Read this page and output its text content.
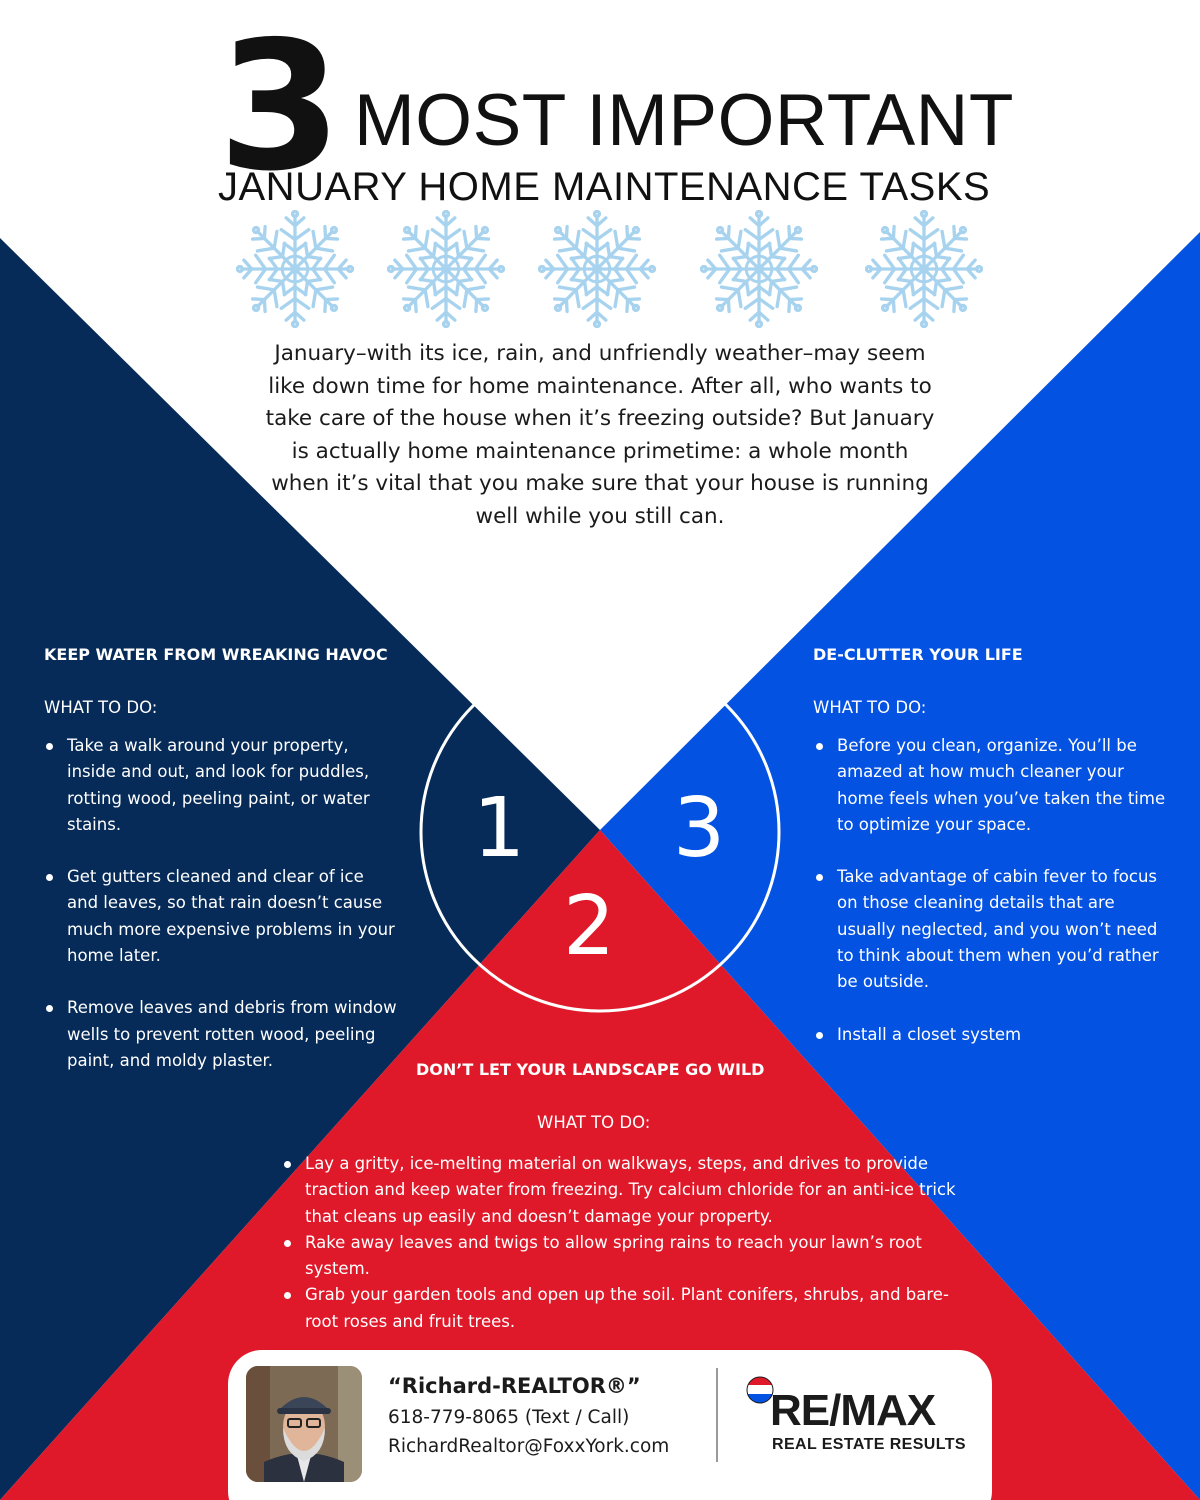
3 MOST IMPORTANT
JANUARY HOME MAINTENANCE TASKS

January–with its ice, rain, and unfriendly weather–may seem like down time for home maintenance. After all, who wants to take care of the house when it’s freezing outside? But January is actually home maintenance primetime: a whole month when it’s vital that you make sure that your house is running well while you still can.

KEEP WATER FROM WREAKING HAVOC
WHAT TO DO:
Take a walk around your property, inside and out, and look for puddles, rotting wood, peeling paint, or water stains.
Get gutters cleaned and clear of ice and leaves, so that rain doesn’t cause much more expensive problems in your home later.
Remove leaves and debris from window wells to prevent rotten wood, peeling paint, and moldy plaster.
DE-CLUTTER YOUR LIFE
WHAT TO DO:
Before you clean, organize. You’ll be amazed at how much cleaner your home feels when you’ve taken the time to optimize your space.
Take advantage of cabin fever to focus on those cleaning details that are usually neglected, and you won’t need to think about them when you’d rather be outside.
Install a closet system
DON’T LET YOUR LANDSCAPE GO WILD
WHAT TO DO:
Lay a gritty, ice-melting material on walkways, steps, and drives to provide traction and keep water from freezing. Try calcium chloride for an anti-ice trick that cleans up easily and doesn’t damage your property.
Rake away leaves and twigs to allow spring rains to reach your lawn’s root system.
Grab your garden tools and open up the soil. Plant conifers, shrubs, and bare-root roses and fruit trees.
1 3
2
“Richard-REALTOR®”
618-779-8065 (Text / Call)
RichardRealtor@FoxxYork.com
RE/MAX
REAL ESTATE RESULTS
